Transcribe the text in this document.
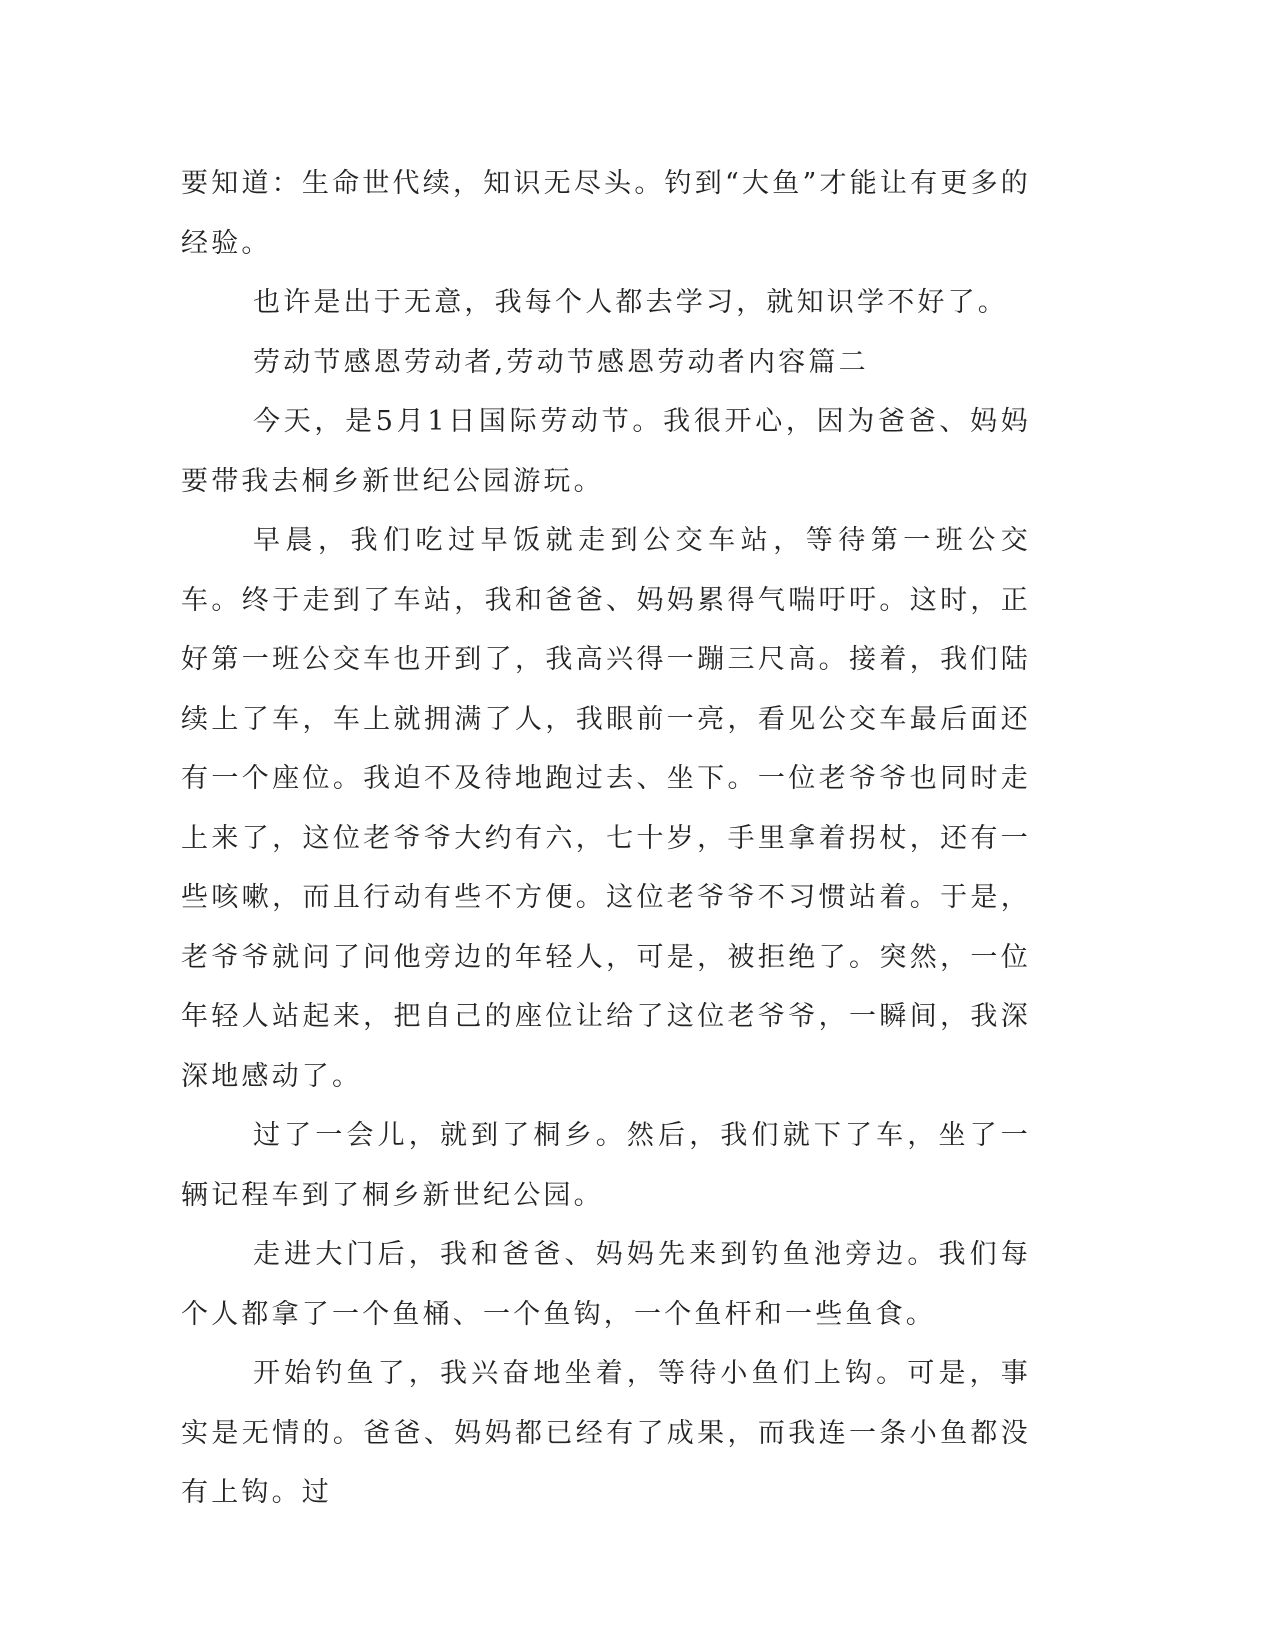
要知道：生命世代续，知识无尽头。钓到“大鱼”才能让有更多的经验。

也许是出于无意，我每个人都去学习，就知识学不好了。

劳动节感恩劳动者,劳动节感恩劳动者内容篇二

今天，是5月1日国际劳动节。我很开心，因为爸爸、妈妈要带我去桐乡新世纪公园游玩。

早晨，我们吃过早饭就走到公交车站，等待第一班公交车。终于走到了车站，我和爸爸、妈妈累得气喘吁吁。这时，正好第一班公交车也开到了，我高兴得一蹦三尺高。接着，我们陆续上了车，车上就拥满了人，我眼前一亮，看见公交车最后面还有一个座位。我迫不及待地跑过去、坐下。一位老爷爷也同时走上来了，这位老爷爷大约有六，七十岁，手里拿着拐杖，还有一些咳嗽，而且行动有些不方便。这位老爷爷不习惯站着。于是，老爷爷就问了问他旁边的年轻人，可是，被拒绝了。突然，一位年轻人站起来，把自己的座位让给了这位老爷爷，一瞬间，我深深地感动了。

过了一会儿，就到了桐乡。然后，我们就下了车，坐了一辆记程车到了桐乡新世纪公园。

走进大门后，我和爸爸、妈妈先来到钓鱼池旁边。我们每个人都拿了一个鱼桶、一个鱼钩，一个鱼杆和一些鱼食。

开始钓鱼了，我兴奋地坐着，等待小鱼们上钩。可是，事实是无情的。爸爸、妈妈都已经有了成果，而我连一条小鱼都没有上钩。过
